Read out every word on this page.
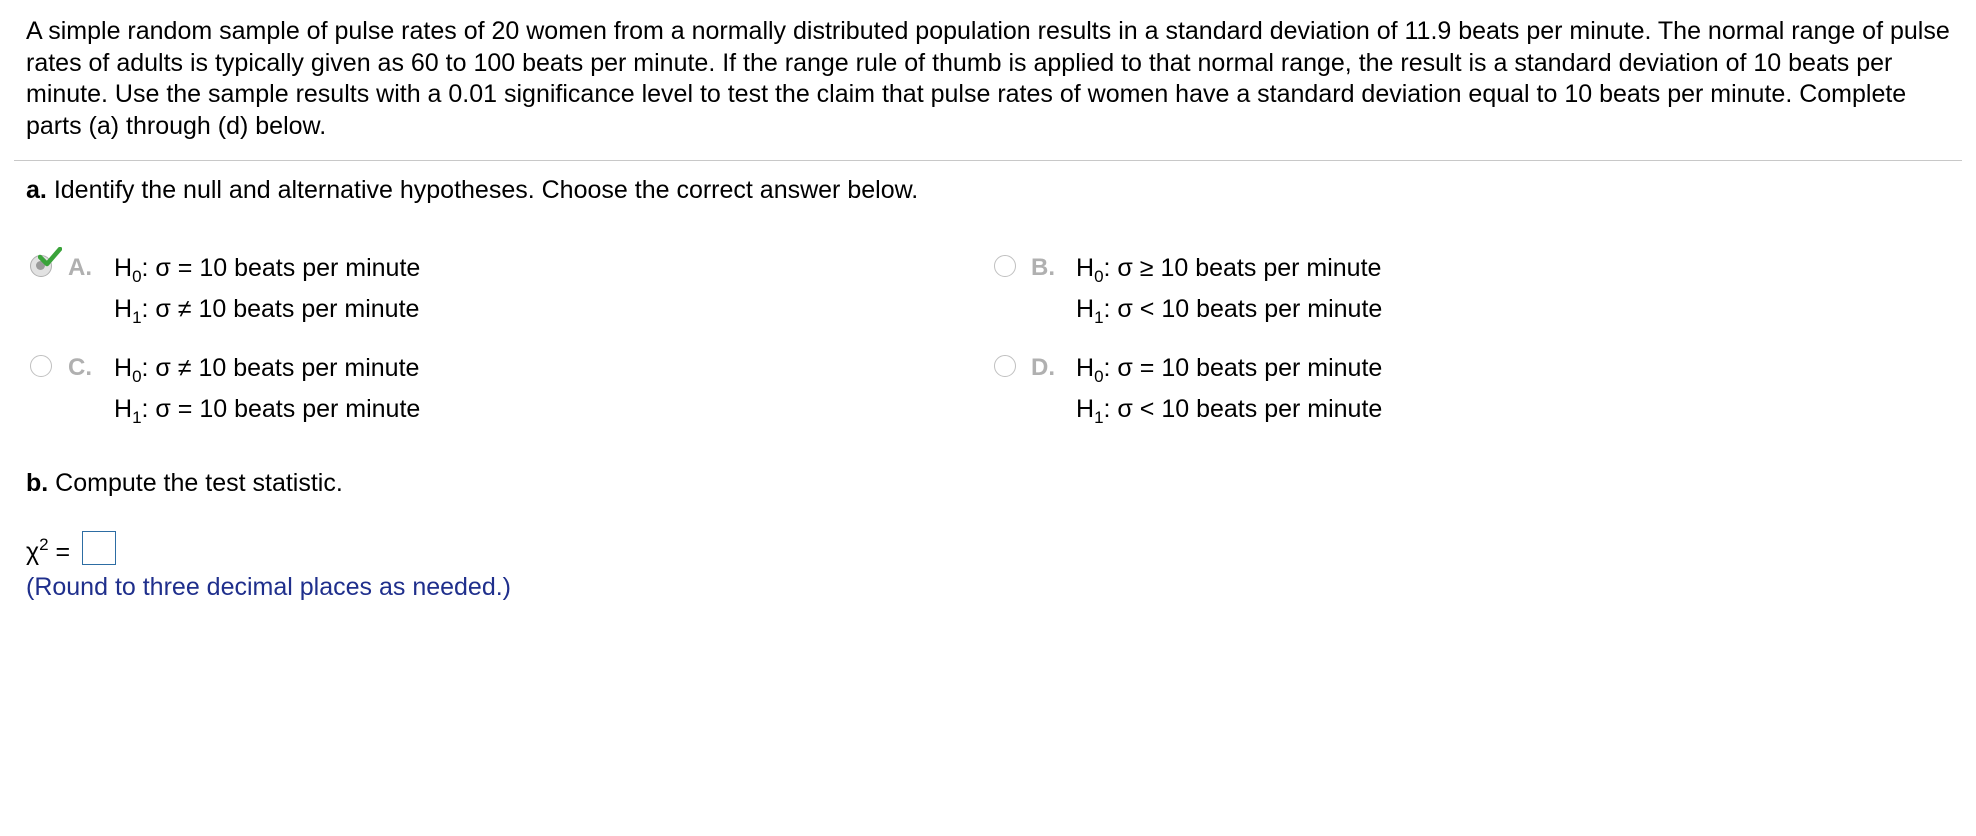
A simple random sample of pulse rates of 20 women from a normally distributed population results in a standard deviation of 11.9 beats per minute. The normal range of pulse rates of adults is typically given as 60 to 100 beats per minute. If the range rule of thumb is applied to that normal range, the result is a standard deviation of 10 beats per minute. Use the sample results with a 0.01 significance level to test the claim that pulse rates of women have a standard deviation equal to 10 beats per minute. Complete parts (a) through (d) below.
a. Identify the null and alternative hypotheses. Choose the correct answer below.
A. $H_0$: σ = 10 beats per minute
$H_1$: σ ≠ 10 beats per minute
B. $H_0$: σ ≥ 10 beats per minute
$H_1$: σ < 10 beats per minute
C. $H_0$: σ ≠ 10 beats per minute
$H_1$: σ = 10 beats per minute
D. $H_0$: σ = 10 beats per minute
$H_1$: σ < 10 beats per minute
b. Compute the test statistic.
$\chi^2$ =
(Round to three decimal places as needed.)
